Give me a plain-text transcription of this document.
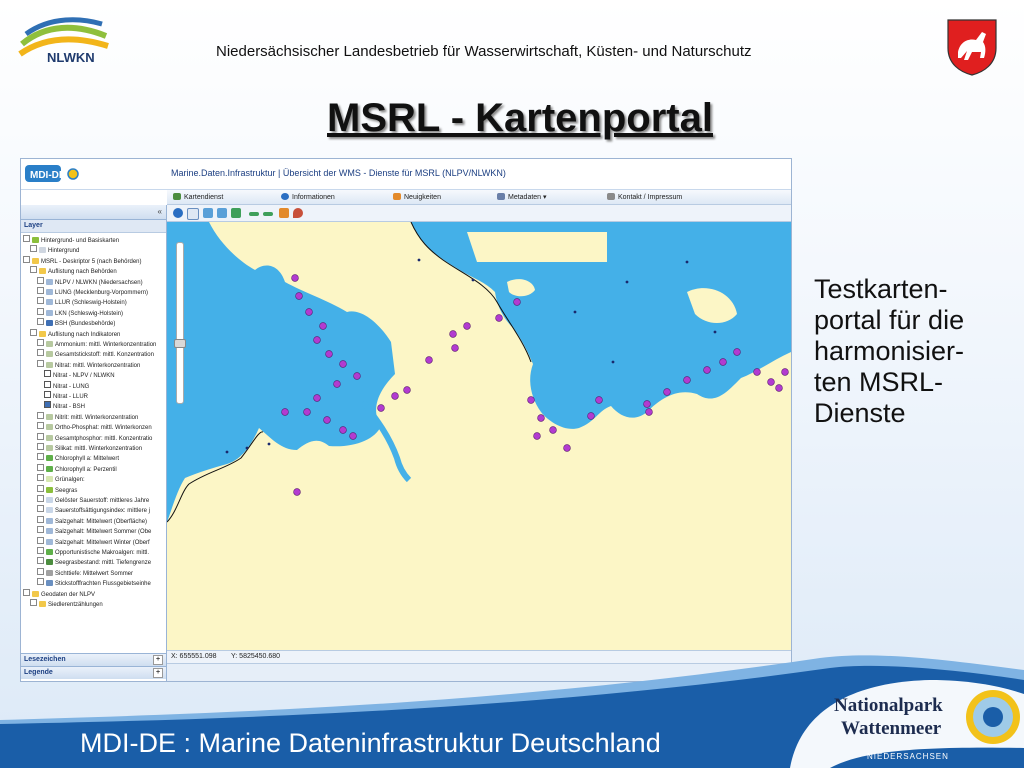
NLWKN	Niedersächsischer Landesbetrieb für Wasserwirtschaft, Küsten- und Naturschutz
MSRL - Kartenportal
MDI-DE	Marine.Daten.Infrastruktur | Übersicht der WMS - Dienste für MSRL (NLPV/NLWKN)
Kartendienst	Informationen	Neuigkeiten	Metadaten ▾	Kontakt / Impressum
«
Layer
Hintergrund- und Basiskarten
Hintergrund
MSRL - Deskriptor 5 (nach Behörden)
Auflistung nach Behörden
NLPV / NLWKN (Niedersachsen)
LUNG (Mecklenburg-Vorpommern)
LLUR (Schleswig-Holstein)
LKN (Schleswig-Holstein)
BSH (Bundesbehörde)
Auflistung nach Indikatoren
Ammonium: mittl. Winterkonzentration
Gesamtstickstoff: mittl. Konzentration
Nitrat: mittl. Winterkonzentration
Nitrat - NLPV / NLWKN
Nitrat - LUNG
Nitrat - LLUR
Nitrat - BSH
Nitrit: mittl. Winterkonzentration
Ortho-Phosphat: mittl. Winterkonzen
Gesamtphosphor: mittl. Konzentratio
Silikat: mittl. Winterkonzentration
Chlorophyll a: Mittelwert
Chlorophyll a: Perzentil
Grünalgen:
Seegras
Gelöster Sauerstoff: mittleres Jahre
Sauerstoffsättigungsindex: mittlere j
Salzgehalt: Mittelwert (Oberfläche)
Salzgehalt: Mittelwert Sommer (Obe
Salzgehalt: Mittelwert Winter (Oberf
Opportunistische Makroalgen: mittl.
Seegrasbestand: mittl. Tiefengrenze
Sichttiefe: Mittelwert Sommer
Stickstofffrachten Flussgebietseinhe
Geodaten der NLPV
Siedlerentzählungen
Lesezeichen	+
Legende	+
X: 655551.098 Y: 5825450.680
Testkarten-
portal für die
harmonisier-
ten MSRL-
Dienste
Nationalpark
Wattenmeer
NIEDERSACHSEN
MDI-DE : Marine Dateninfrastruktur Deutschland
